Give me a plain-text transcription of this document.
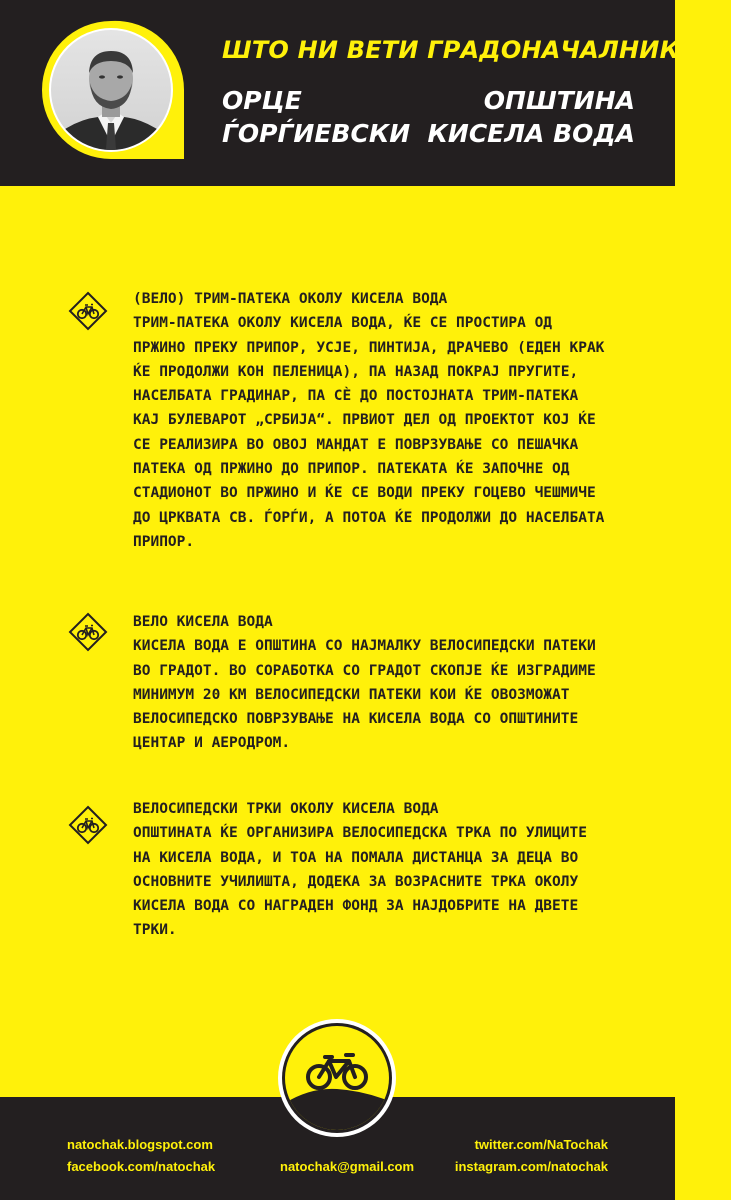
ШТО НИ ВЕТИ ГРАДОНАЧАЛНИКОТ?
ОРЦЕ
ЃОРЃИЕВСКИ
ОПШТИНА
КИСЕЛА ВОДА
(ВЕЛО) ТРИМ-ПАТЕКА ОКОЛУ КИСЕЛА ВОДА
ТРИМ-ПАТЕКА ОКОЛУ КИСЕЛА ВОДА, ЌЕ СЕ ПРОСТИРА ОД ПРЖИНО ПРЕКУ ПРИПОР, УСЈЕ, ПИНТИЈА, ДРАЧЕВО (ЕДЕН КРАК ЌЕ ПРОДОЛЖИ КОН ПЕЛЕНИЦА), ПА НАЗАД ПОКРАЈ ПРУГИТЕ, НАСЕЛБАТА ГРАДИНАР, ПА СЀ ДО ПОСТОЈНАТА ТРИМ-ПАТЕКА КАЈ БУЛЕВАРОТ „СРБИЈА“. ПРВИОТ ДЕЛ ОД ПРОЕКТОТ КОЈ ЌЕ СЕ РЕАЛИЗИРА ВО ОВОЈ МАНДАТ Е ПОВРЗУВАЊЕ СО ПЕШАЧКА ПАТЕКА ОД ПРЖИНО ДО ПРИПОР. ПАТЕКАТА ЌЕ ЗАПОЧНЕ ОД СТАДИОНОТ ВО ПРЖИНО И ЌЕ СЕ ВОДИ ПРЕКУ ГОЦЕВО ЧЕШМИЧЕ ДО ЦРКВАТА СВ. ЃОРЃИ, А ПОТОА ЌЕ ПРОДОЛЖИ ДО НАСЕЛБАТА ПРИПОР.
ВЕЛО КИСЕЛА ВОДА
КИСЕЛА ВОДА Е ОПШТИНА СО НАЈМАЛКУ ВЕЛОСИПЕДСКИ ПАТЕКИ ВО ГРАДОТ. ВО СОРАБОТКА СО ГРАДОТ СКОПЈЕ ЌЕ ИЗГРАДИМЕ МИНИМУМ 20 КМ ВЕЛОСИПЕДСКИ ПАТЕКИ КОИ ЌЕ ОВОЗМОЖАТ ВЕЛОСИПЕДСКО ПОВРЗУВАЊЕ НА КИСЕЛА ВОДА СО ОПШТИНИТЕ ЦЕНТАР И АЕРОДРОМ.
ВЕЛОСИПЕДСКИ ТРКИ ОКОЛУ КИСЕЛА ВОДА
ОПШТИНАТА ЌЕ ОРГАНИЗИРА ВЕЛОСИПЕДСКА ТРКА ПО УЛИЦИТЕ НА КИСЕЛА ВОДА, И ТОА НА ПОМАЛА ДИСТАНЦА ЗА ДЕЦА ВО ОСНОВНИТЕ УЧИЛИШТА, ДОДЕКА ЗА ВОЗРАСНИТЕ ТРКА ОКОЛУ КИСЕЛА ВОДА СО НАГРАДЕН ФОНД ЗА НАЈДОБРИТЕ НА ДВЕТЕ ТРКИ.
natochak.blogspot.com
facebook.com/natochak	natochak@gmail.com
twitter.com/NaTochak
instagram.com/natochak
